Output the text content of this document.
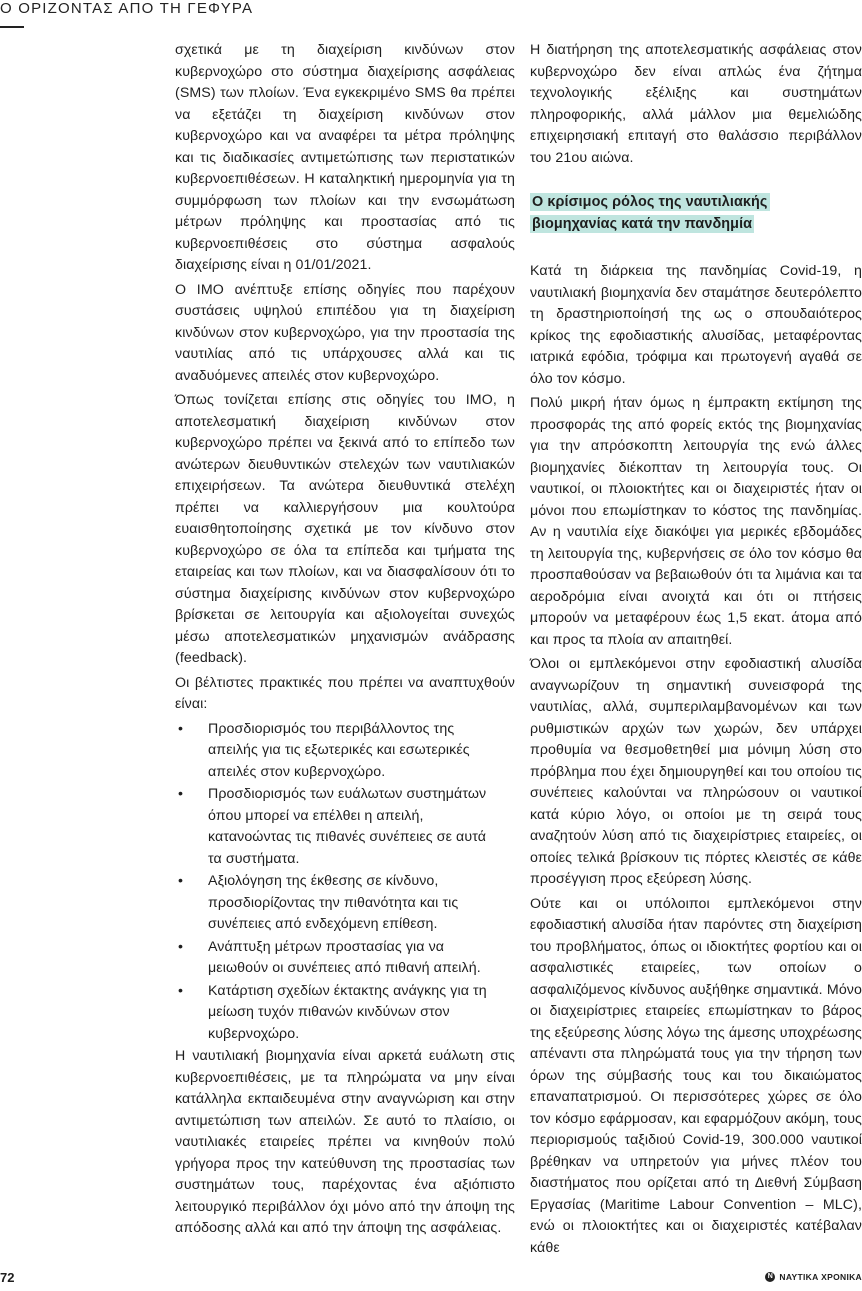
Ο ΟΡΙΖΟΝΤΑΣ ΑΠΟ ΤΗ ΓΕΦΥΡΑ

σχετικά με τη διαχείριση κινδύνων στον κυβερνοχώρο στο σύστημα διαχείρισης ασφάλειας (SMS) των πλοίων. Ένα εγκεκριμένο SMS θα πρέπει να εξετάζει τη διαχείριση κινδύνων στον κυβερνοχώρο και να αναφέρει τα μέτρα πρόληψης και τις διαδικασίες αντιμετώπισης των περιστατικών κυβερνοεπιθέσεων. Η καταληκτική ημερομηνία για τη συμμόρφωση των πλοίων και την ενσωμάτωση μέτρων πρόληψης και προστασίας από τις κυβερνοεπιθέσεις στο σύστημα ασφαλούς διαχείρισης είναι η 01/01/2021.

Ο ΙΜΟ ανέπτυξε επίσης οδηγίες που παρέχουν συστάσεις υψηλού επιπέδου για τη διαχείριση κινδύνων στον κυβερνοχώρο, για την προστασία της ναυτιλίας από τις υπάρχουσες αλλά και τις αναδυόμενες απειλές στον κυβερνοχώρο.

Όπως τονίζεται επίσης στις οδηγίες του ΙΜΟ, η αποτελεσματική διαχείριση κινδύνων στον κυβερνοχώρο πρέπει να ξεκινά από το επίπεδο των ανώτερων διευθυντικών στελεχών των ναυτιλιακών επιχειρήσεων. Τα ανώτερα διευθυντικά στελέχη πρέπει να καλλιεργήσουν μια κουλτούρα ευαισθητοποίησης σχετικά με τον κίνδυνο στον κυβερνοχώρο σε όλα τα επίπεδα και τμήματα της εταιρείας και των πλοίων, και να διασφαλίσουν ότι το σύστημα διαχείρισης κινδύνων στον κυβερνοχώρο βρίσκεται σε λειτουργία και αξιολογείται συνεχώς μέσω αποτελεσματικών μηχανισμών ανάδρασης (feedback).

Οι βέλτιστες πρακτικές που πρέπει να αναπτυχθούν είναι:

• Προσδιορισμός του περιβάλλοντος της απειλής για τις εξωτερικές και εσωτερικές απειλές στον κυβερνοχώρο.
• Προσδιορισμός των ευάλωτων συστημάτων όπου μπορεί να επέλθει η απειλή, κατανοώντας τις πιθανές συνέπειες σε αυτά τα συστήματα.
• Αξιολόγηση της έκθεσης σε κίνδυνο, προσδιορίζοντας την πιθανότητα και τις συνέπειες από ενδεχόμενη επίθεση.
• Ανάπτυξη μέτρων προστασίας για να μειωθούν οι συνέπειες από πιθανή απειλή.
• Κατάρτιση σχεδίων έκτακτης ανάγκης για τη μείωση τυχόν πιθανών κινδύνων στον κυβερνοχώρο.

Η ναυτιλιακή βιομηχανία είναι αρκετά ευάλωτη στις κυβερνοεπιθέσεις, με τα πληρώματα να μην είναι κατάλληλα εκπαιδευμένα στην αναγνώριση και στην αντιμετώπιση των απειλών. Σε αυτό το πλαίσιο, οι ναυτιλιακές εταιρείες πρέπει να κινηθούν πολύ γρήγορα προς την κατεύθυνση της προστασίας των συστημάτων τους, παρέχοντας ένα αξιόπιστο λειτουργικό περιβάλλον όχι μόνο από την άποψη της απόδοσης αλλά και από την άποψη της ασφάλειας.

Η διατήρηση της αποτελεσματικής ασφάλειας στον κυβερνοχώρο δεν είναι απλώς ένα ζήτημα τεχνολογικής εξέλιξης και συστημάτων πληροφορικής, αλλά μάλλον μια θεμελιώδης επιχειρησιακή επιταγή στο θαλάσσιο περιβάλλον του 21ου αιώνα.

Ο κρίσιμος ρόλος της ναυτιλιακής
βιομηχανίας κατά την πανδημία

Κατά τη διάρκεια της πανδημίας Covid-19, η ναυτιλιακή βιομηχανία δεν σταμάτησε δευτερόλεπτο τη δραστηριοποίησή της ως ο σπουδαιότερος κρίκος της εφοδιαστικής αλυσίδας, μεταφέροντας ιατρικά εφόδια, τρόφιμα και πρωτογενή αγαθά σε όλο τον κόσμο.

Πολύ μικρή ήταν όμως η έμπρακτη εκτίμηση της προσφοράς της από φορείς εκτός της βιομηχανίας για την απρόσκοπτη λειτουργία της ενώ άλλες βιομηχανίες διέκοπταν τη λειτουργία τους. Οι ναυτικοί, οι πλοιοκτήτες και οι διαχειριστές ήταν οι μόνοι που επωμίστηκαν το κόστος της πανδημίας. Αν η ναυτιλία είχε διακόψει για μερικές εβδομάδες τη λειτουργία της, κυβερνήσεις σε όλο τον κόσμο θα προσπαθούσαν να βεβαιωθούν ότι τα λιμάνια και τα αεροδρόμια είναι ανοιχτά και ότι οι πτήσεις μπορούν να μεταφέρουν έως 1,5 εκατ. άτομα από και προς τα πλοία αν απαιτηθεί.

Όλοι οι εμπλεκόμενοι στην εφοδιαστική αλυσίδα αναγνωρίζουν τη σημαντική συνεισφορά της ναυτιλίας, αλλά, συμπεριλαμβανομένων και των ρυθμιστικών αρχών των χωρών, δεν υπάρχει προθυμία να θεσμοθετηθεί μια μόνιμη λύση στο πρόβλημα που έχει δημιουργηθεί και του οποίου τις συνέπειες καλούνται να πληρώσουν οι ναυτικοί κατά κύριο λόγο, οι οποίοι με τη σειρά τους αναζητούν λύση από τις διαχειρίστριες εταιρείες, οι οποίες τελικά βρίσκουν τις πόρτες κλειστές σε κάθε προσέγγιση προς εξεύρεση λύσης.

Ούτε και οι υπόλοιποι εμπλεκόμενοι στην εφοδιαστική αλυσίδα ήταν παρόντες στη διαχείριση του προβλήματος, όπως οι ιδιοκτήτες φορτίου και οι ασφαλιστικές εταιρείες, των οποίων ο ασφαλιζόμενος κίνδυνος αυξήθηκε σημαντικά. Μόνο οι διαχειρίστριες εταιρείες επωμίστηκαν το βάρος της εξεύρεσης λύσης λόγω της άμεσης υποχρέωσης απέναντι στα πληρώματά τους για την τήρηση των όρων της σύμβασής τους και του δικαιώματος επαναπατρισμού. Οι περισσότερες χώρες σε όλο τον κόσμο εφάρμοσαν, και εφαρμόζουν ακόμη, τους περιορισμούς ταξιδιού Covid-19, 300.000 ναυτικοί βρέθηκαν να υπηρετούν για μήνες πλέον του διαστήματος που ορίζεται από τη Διεθνή Σύμβαση Εργασίας (Maritime Labour Convention – MLC), ενώ οι πλοιοκτήτες και οι διαχειριστές κατέβαλαν κάθε

72	N ΝΑΥΤΙΚΑ ΧΡΟΝΙΚΑ
